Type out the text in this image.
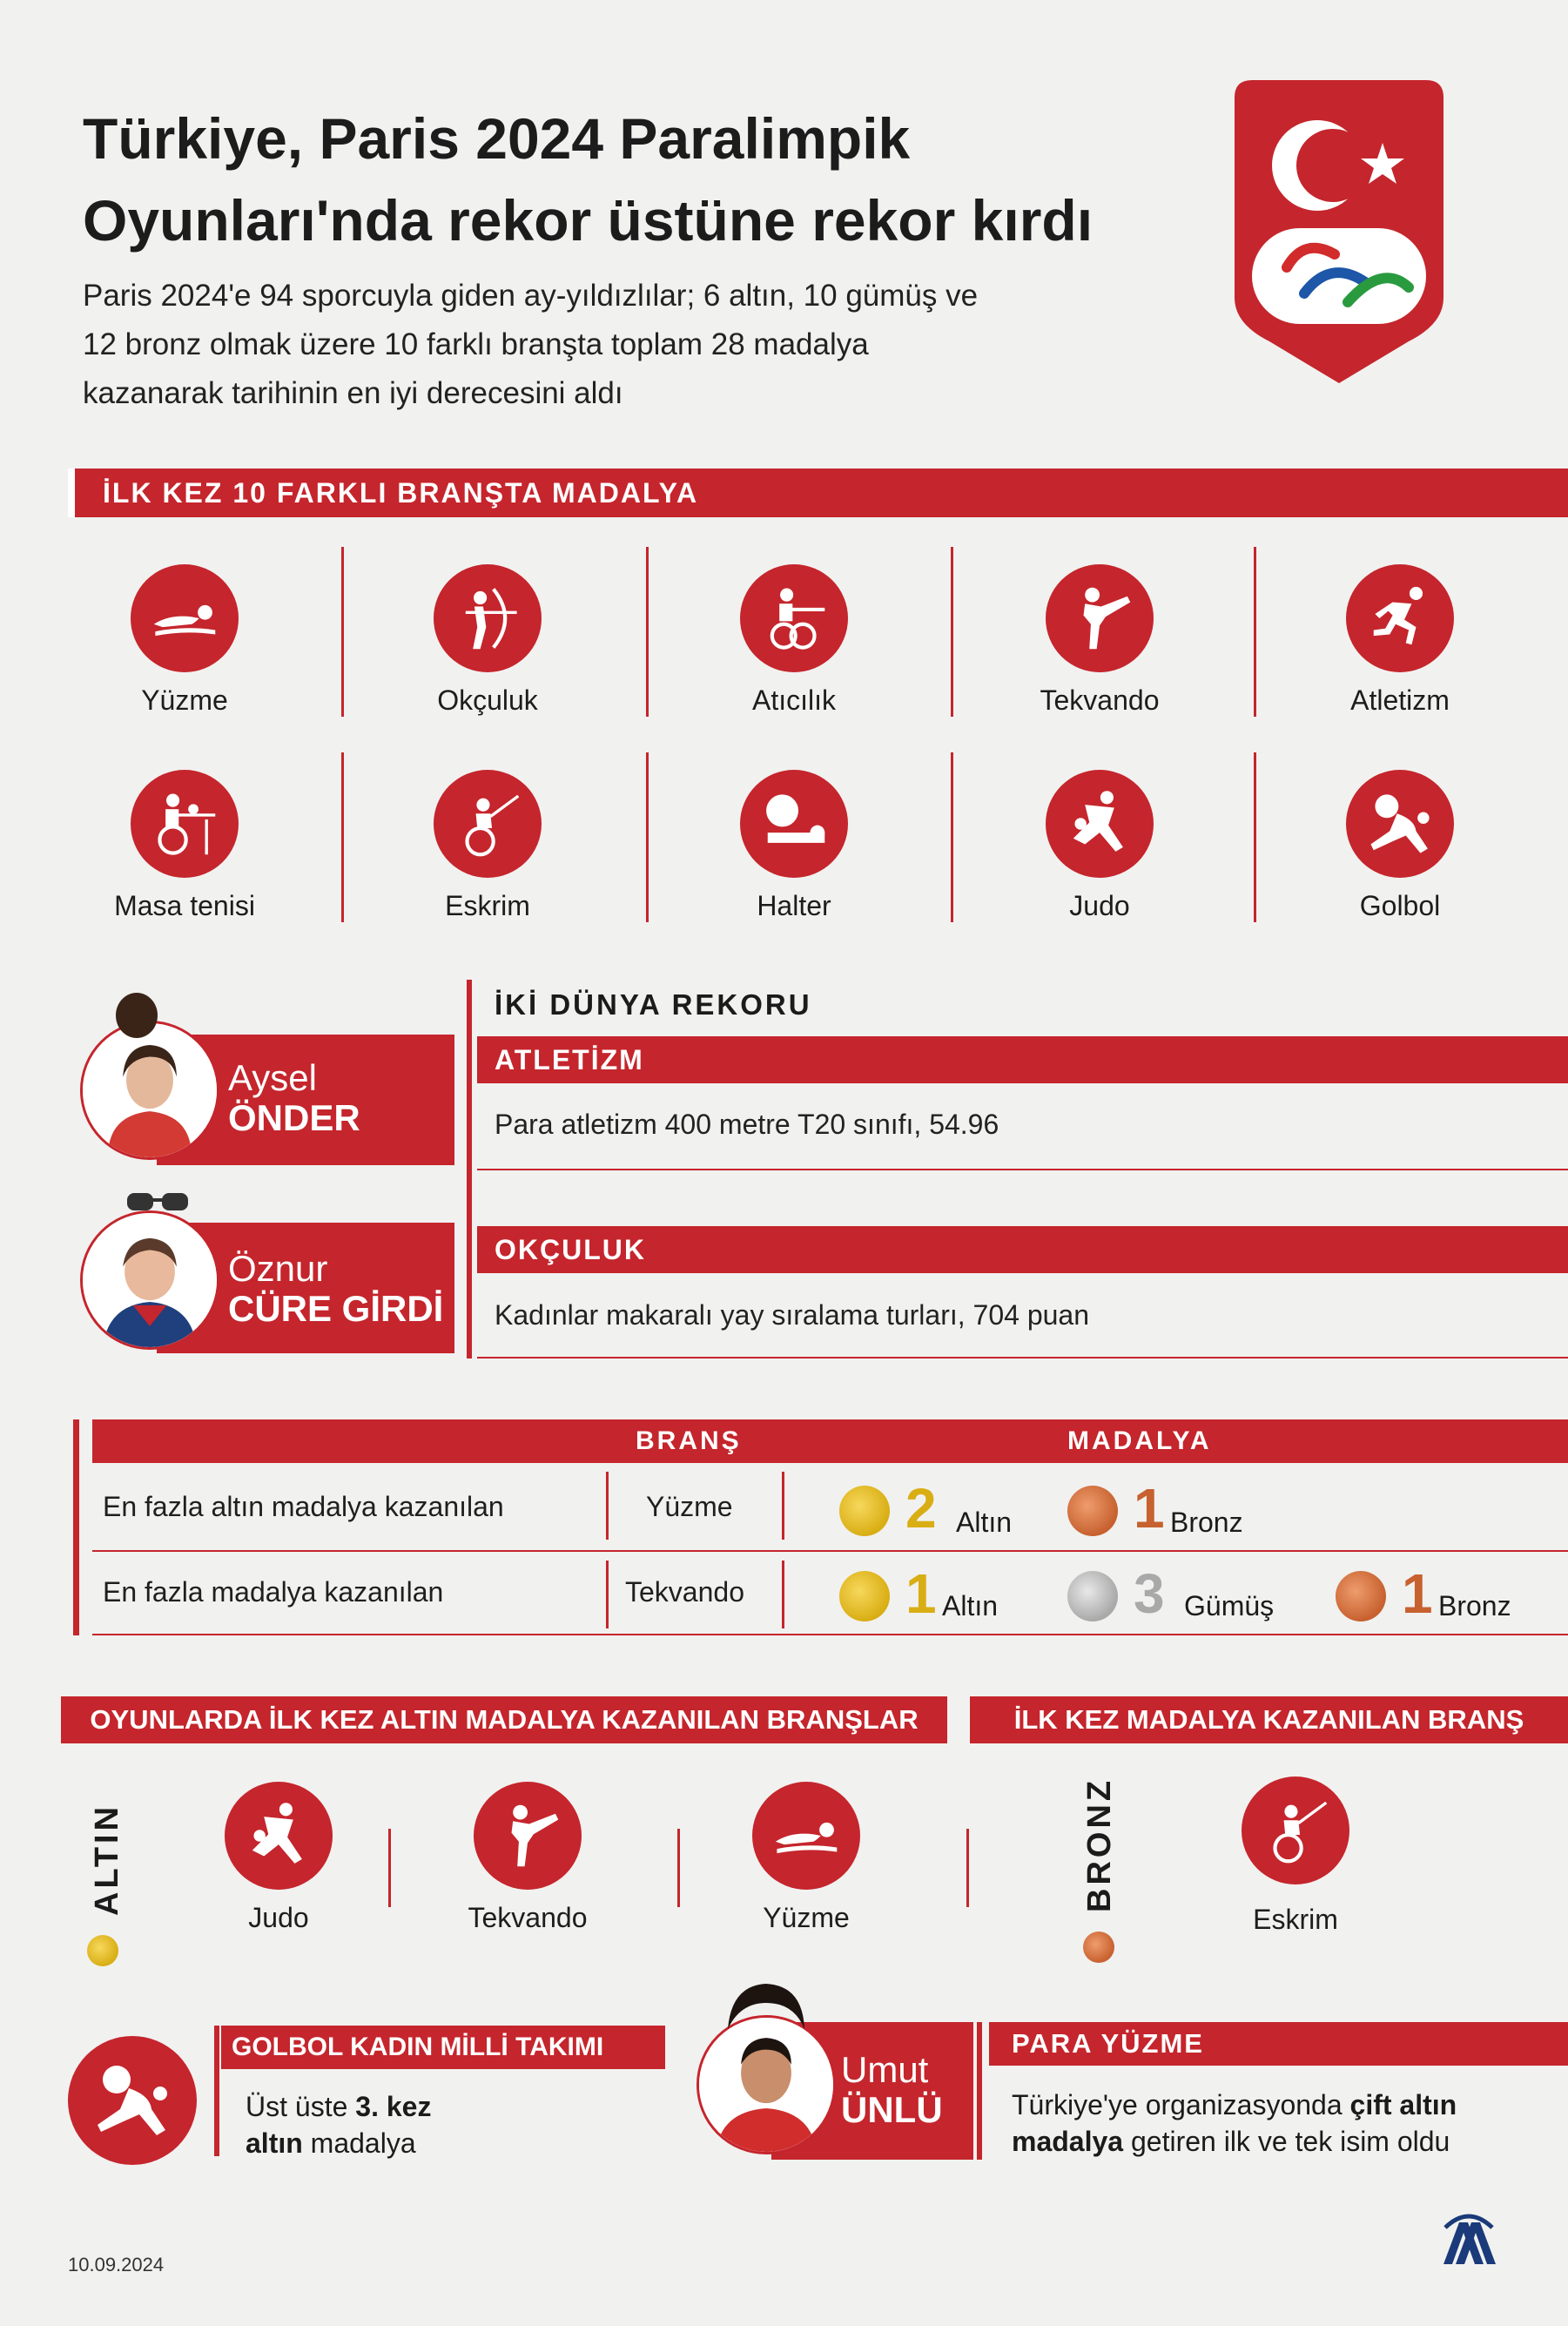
Türkiye, Paris 2024 Paralimpik
Oyunları'nda rekor üstüne rekor kırdı
Paris 2024'e 94 sporcuyla giden ay-yıldızlılar; 6 altın, 10 gümüş ve
12 bronz olmak üzere 10 farklı branşta toplam 28 madalya
kazanarak tarihinin en iyi derecesini aldı
İLK KEZ 10 FARKLI BRANŞTA MADALYA
Yüzme	Okçuluk	Atıcılık	Tekvando	Atletizm
Masa tenisi	Eskrim	Halter	Judo	Golbol
İKİ DÜNYA REKORU
Aysel
ÖNDER
ATLETİZM
Para atletizm 400 metre T20 sınıfı, 54.96
Öznur
CÜRE GİRDİ
OKÇULUK
Kadınlar makaralı yay sıralama turları, 704 puan
BRANŞ	MADALYA
En fazla altın madalya kazanılan	Yüzme	2 Altın 1 Bronz
En fazla madalya kazanılan	Tekvando	1 Altın 3 Gümüş 1 Bronz
OYUNLARDA İLK KEZ ALTIN MADALYA KAZANILAN BRANŞLAR	İLK KEZ MADALYA KAZANILAN BRANŞ
ALTIN
Judo	Tekvando	Yüzme
BRONZ
Eskrim
GOLBOL KADIN MİLLİ TAKIMI
Üst üste 3. kez
altın madalya
Umut
ÜNLÜ
PARA YÜZME
Türkiye'ye organizasyonda çift altın
madalya getiren ilk ve tek isim oldu
10.09.2024
